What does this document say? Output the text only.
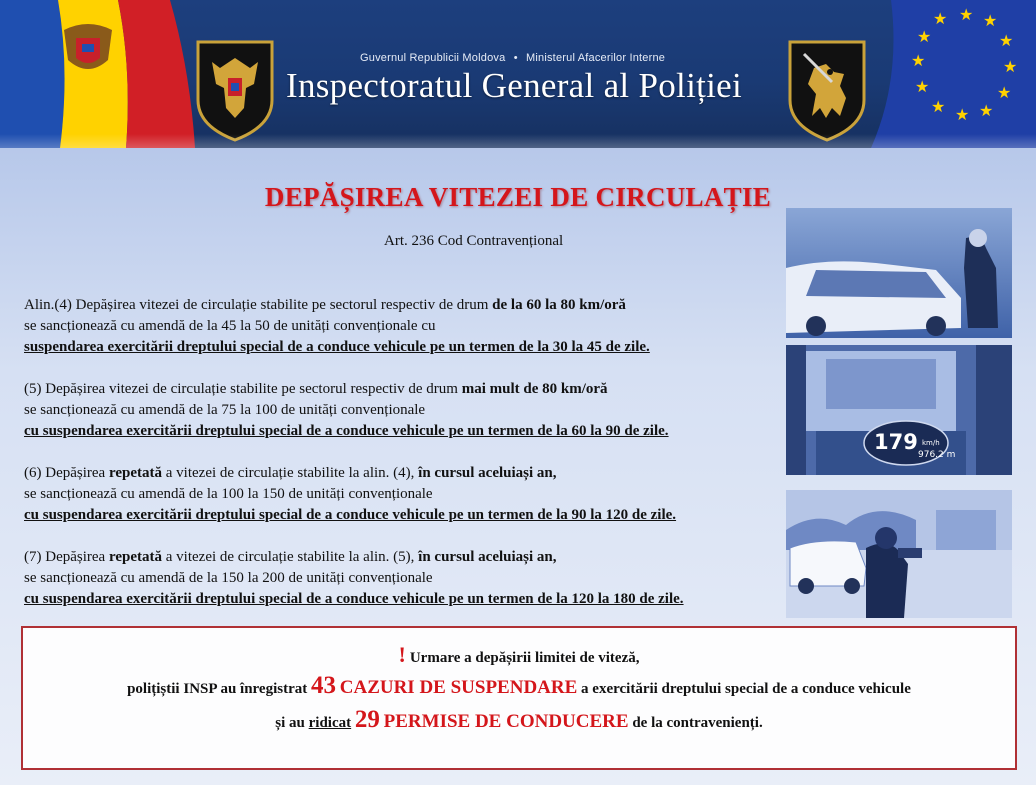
Guvernul Republicii Moldova • Ministerul Afacerilor Interne
Inspectoratul General al Poliției
★ ★ ★
★
★
★
★
★
★
★
★
★
DEPĂȘIREA VITEZEI DE CIRCULAȚIE
Art. 236 Cod Contravențional
Alin.(4) Depășirea vitezei de circulație stabilite pe sectorul respectiv de drum de la 60 la 80 km/oră
se sancționează cu amendă de la 45 la 50 de unități convenționale cu
suspendarea exercitării dreptului special de a conduce vehicule pe un termen de la 30 la 45 de zile.
(5) Depășirea vitezei de circulație stabilite pe sectorul respectiv de drum mai mult de 80 km/oră
se sancționează cu amendă de la 75 la 100 de unități convenționale
cu suspendarea exercitării dreptului special de a conduce vehicule pe un termen de la 60 la 90 de zile.
(6) Depășirea repetată a vitezei de circulație stabilite la alin. (4), în cursul aceluiași an,
se sancționează cu amendă de la 100 la 150 de unități convenționale
cu suspendarea exercitării dreptului special de a conduce vehicule pe un termen de la 90 la 120 de zile.
(7) Depășirea repetată a vitezei de circulație stabilite la alin. (5), în cursul aceluiași an,
se sancționează cu amendă de la 150 la 200 de unități convenționale
cu suspendarea exercitării dreptului special de a conduce vehicule pe un termen de la 120 la 180 de zile.
179 km/h
976.2 m
! Urmare a depășirii limitei de viteză,
polițiștii INSP au înregistrat 43 CAZURI DE SUSPENDARE a exercitării dreptului special de a conduce vehicule
și au ridicat 29 PERMISE DE CONDUCERE de la contravenienți.
